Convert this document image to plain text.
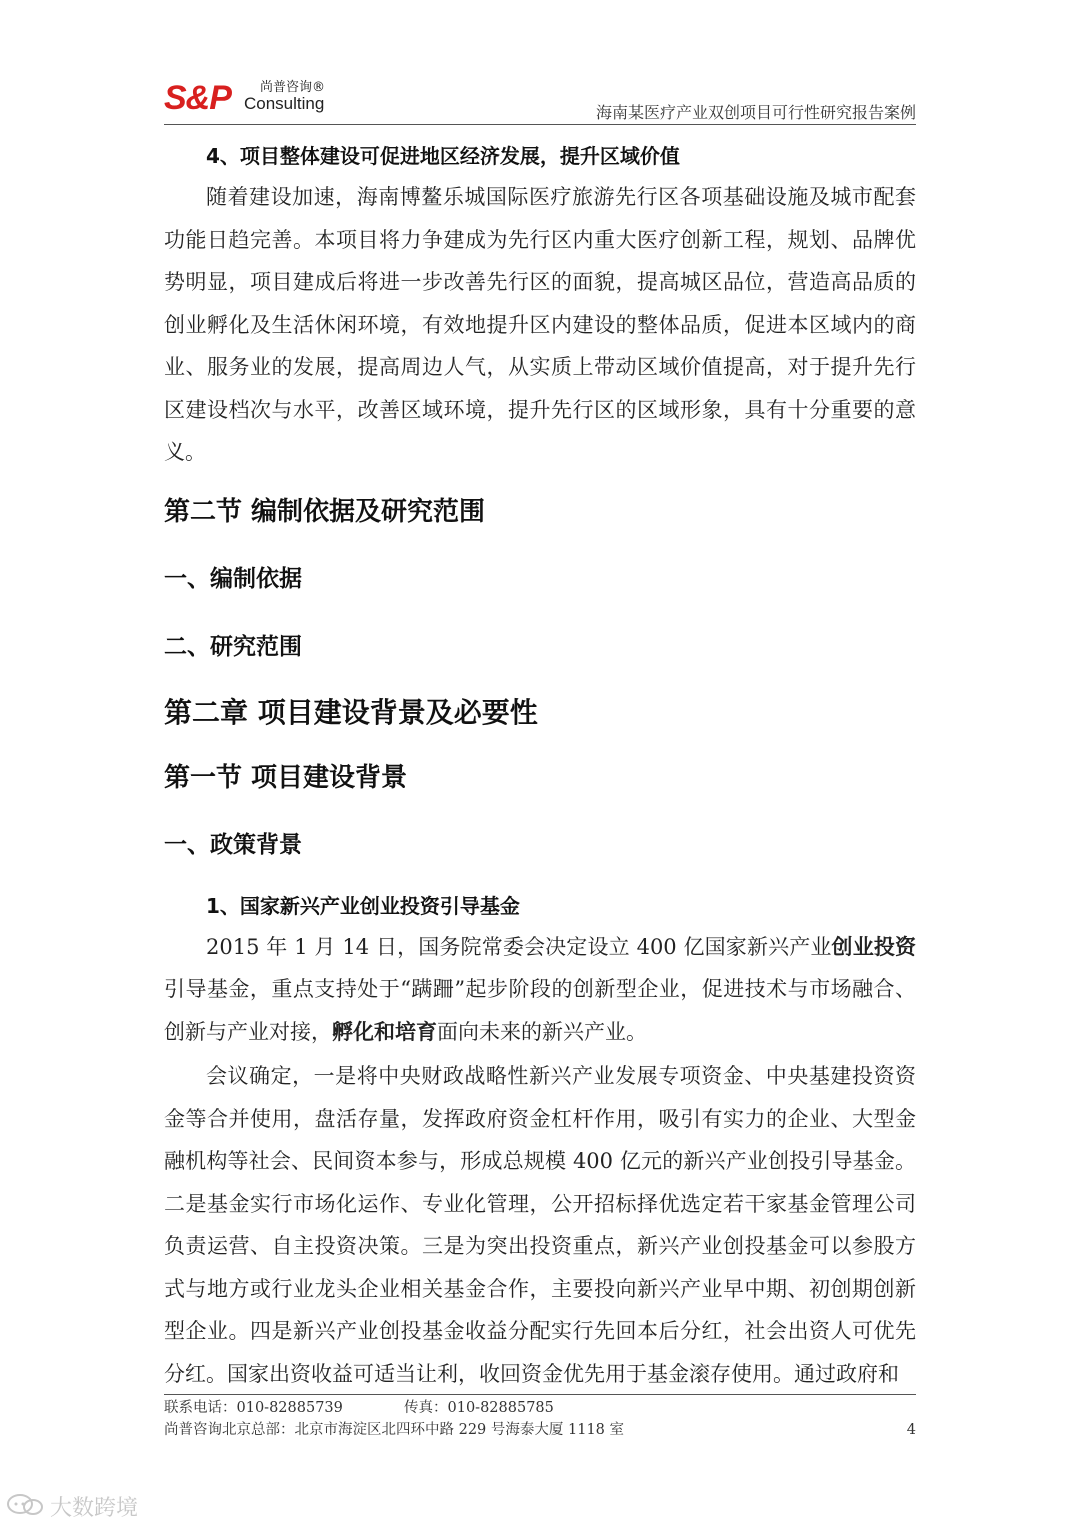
S&P 尚普咨询®
Consulting	海南某医疗产业双创项目可行性研究报告案例
4、项目整体建设可促进地区经济发展，提升区域价值

随着建设加速，海南博鳌乐城国际医疗旅游先行区各项基础设施及城市配套功能日趋完善。本项目将力争建成为先行区内重大医疗创新工程，规划、品牌优势明显，项目建成后将进一步改善先行区的面貌，提高城区品位，营造高品质的创业孵化及生活休闲环境，有效地提升区内建设的整体品质，促进本区域内的商业、服务业的发展，提高周边人气，从实质上带动区域价值提高，对于提升先行区建设档次与水平，改善区域环境，提升先行区的区域形象，具有十分重要的意义。

第二节 编制依据及研究范围
一、编制依据
二、研究范围
第二章 项目建设背景及必要性
第一节 项目建设背景
一、政策背景
1、国家新兴产业创业投资引导基金

2015 年 1 月 14 日，国务院常委会决定设立 400 亿国家新兴产业创业投资引导基金，重点支持处于“蹒跚”起步阶段的创新型企业，促进技术与市场融合、创新与产业对接，孵化和培育面向未来的新兴产业。

会议确定，一是将中央财政战略性新兴产业发展专项资金、中央基建投资资金等合并使用，盘活存量，发挥政府资金杠杆作用，吸引有实力的企业、大型金融机构等社会、民间资本参与，形成总规模 400 亿元的新兴产业创投引导基金。二是基金实行市场化运作、专业化管理，公开招标择优选定若干家基金管理公司负责运营、自主投资决策。三是为突出投资重点，新兴产业创投基金可以参股方式与地方或行业龙头企业相关基金合作，主要投向新兴产业早中期、初创期创新型企业。四是新兴产业创投基金收益分配实行先回本后分红，社会出资人可优先分红。国家出资收益可适当让利，收回资金优先用于基金滚存使用。通过政府和

联系电话：010-82885739	传真：010-82885785
尚普咨询北京总部：北京市海淀区北四环中路 229 号海泰大厦 1118 室	4
大数跨境
